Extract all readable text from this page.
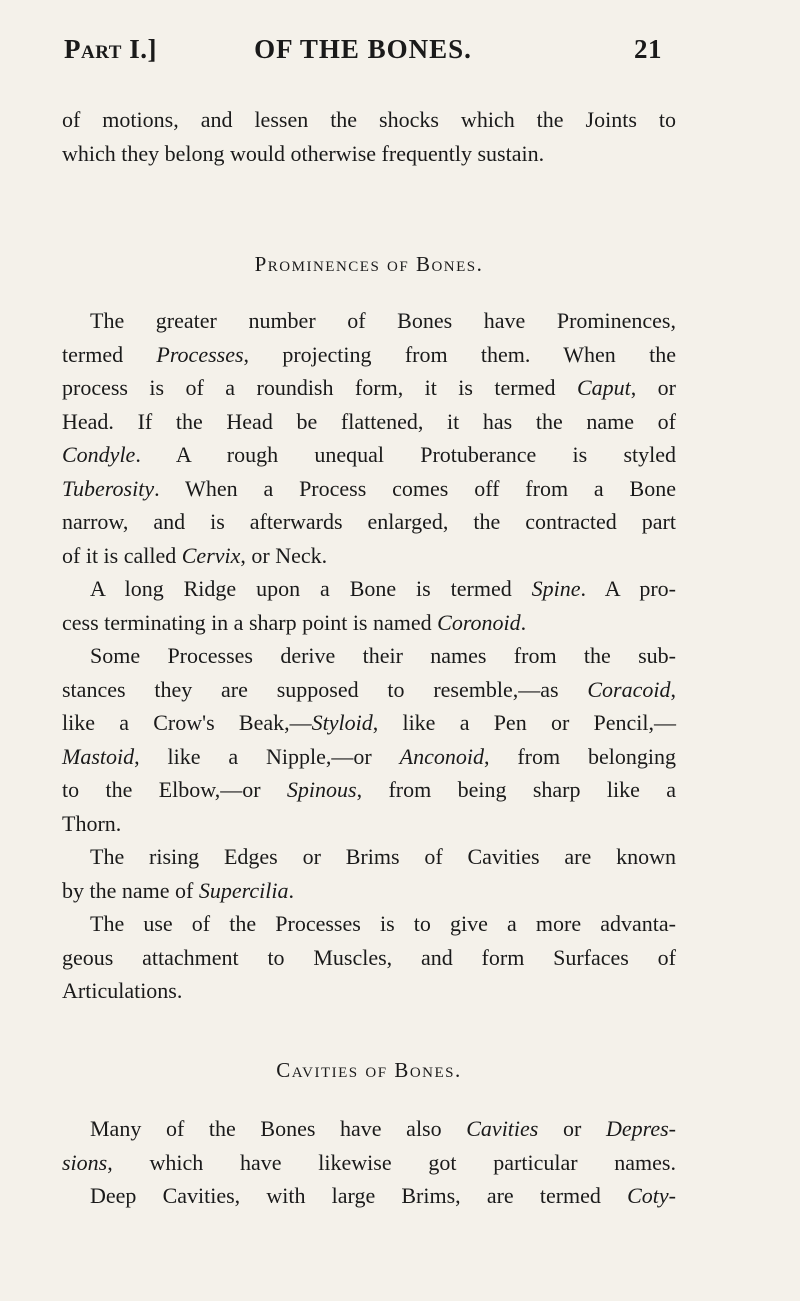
Part I.]	OF THE BONES.	21
of motions, and lessen the shocks which the Joints to
which they belong would otherwise frequently sustain.
Prominences of Bones.
The greater number of Bones have Prominences,
termed Processes, projecting from them. When the
process is of a roundish form, it is termed Caput, or
Head. If the Head be flattened, it has the name of
Condyle. A rough unequal Protuberance is styled
Tuberosity. When a Process comes off from a Bone
narrow, and is afterwards enlarged, the contracted part
of it is called Cervix, or Neck.
A long Ridge upon a Bone is termed Spine. A pro-
cess terminating in a sharp point is named Coronoid.
Some Processes derive their names from the sub-
stances they are supposed to resemble,—as Coracoid,
like a Crow's Beak,—Styloid, like a Pen or Pencil,—
Mastoid, like a Nipple,—or Anconoid, from belonging
to the Elbow,—or Spinous, from being sharp like a
Thorn.
The rising Edges or Brims of Cavities are known
by the name of Supercilia.
The use of the Processes is to give a more advanta-
geous attachment to Muscles, and form Surfaces of
Articulations.
Cavities of Bones.
Many of the Bones have also Cavities or Depres-
sions, which have likewise got particular names.
Deep Cavities, with large Brims, are termed Coty-
